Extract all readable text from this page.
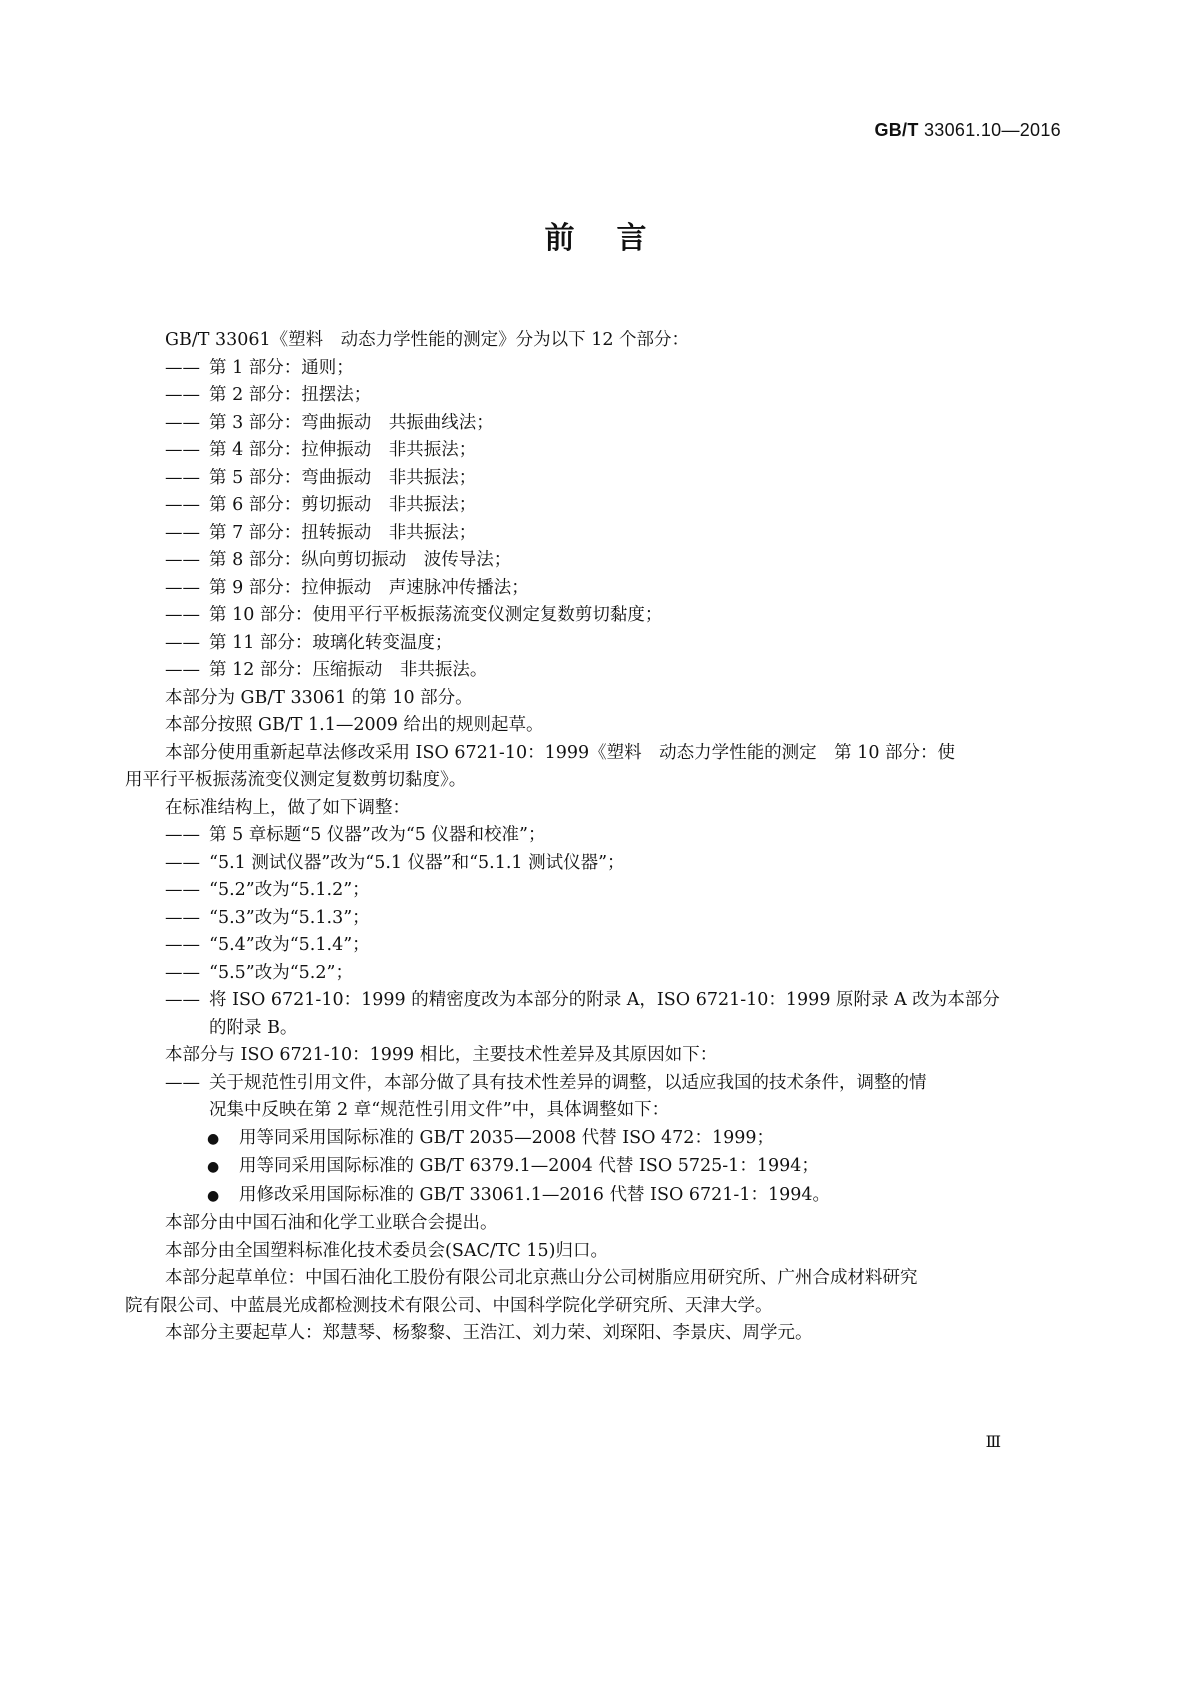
GB/T 33061.10—2016
前言

GB/T 33061《塑料　动态力学性能的测定》分为以下 12 个部分：

—— 第 1 部分：通则；

—— 第 2 部分：扭摆法；

—— 第 3 部分：弯曲振动　共振曲线法；

—— 第 4 部分：拉伸振动　非共振法；

—— 第 5 部分：弯曲振动　非共振法；

—— 第 6 部分：剪切振动　非共振法；

—— 第 7 部分：扭转振动　非共振法；

—— 第 8 部分：纵向剪切振动　波传导法；

—— 第 9 部分：拉伸振动　声速脉冲传播法；

—— 第 10 部分：使用平行平板振荡流变仪测定复数剪切黏度；

—— 第 11 部分：玻璃化转变温度；

—— 第 12 部分：压缩振动　非共振法。

本部分为 GB/T 33061 的第 10 部分。

本部分按照 GB/T 1.1—2009 给出的规则起草。

本部分使用重新起草法修改采用 ISO 6721-10：1999《塑料　动态力学性能的测定　第 10 部分：使

用平行平板振荡流变仪测定复数剪切黏度》。

在标准结构上，做了如下调整：

—— 第 5 章标题“5 仪器”改为“5 仪器和校准”；

—— “5.1 测试仪器”改为“5.1 仪器”和“5.1.1 测试仪器”；

—— “5.2”改为“5.1.2”；

—— “5.3”改为“5.1.3”；

—— “5.4”改为“5.1.4”；

—— “5.5”改为“5.2”；

—— 将 ISO 6721-10：1999 的精密度改为本部分的附录 A，ISO 6721-10：1999 原附录 A 改为本部分

的附录 B。

本部分与 ISO 6721-10：1999 相比，主要技术性差异及其原因如下：

—— 关于规范性引用文件，本部分做了具有技术性差异的调整，以适应我国的技术条件，调整的情

况集中反映在第 2 章“规范性引用文件”中，具体调整如下：

● 用等同采用国际标准的 GB/T 2035—2008 代替 ISO 472：1999；

● 用等同采用国际标准的 GB/T 6379.1—2004 代替 ISO 5725-1：1994；

● 用修改采用国际标准的 GB/T 33061.1—2016 代替 ISO 6721-1：1994。

本部分由中国石油和化学工业联合会提出。

本部分由全国塑料标准化技术委员会(SAC/TC 15)归口。

本部分起草单位：中国石油化工股份有限公司北京燕山分公司树脂应用研究所、广州合成材料研究

院有限公司、中蓝晨光成都检测技术有限公司、中国科学院化学研究所、天津大学。

本部分主要起草人：郑慧琴、杨黎黎、王浩江、刘力荣、刘琛阳、李景庆、周学元。

Ⅲ
